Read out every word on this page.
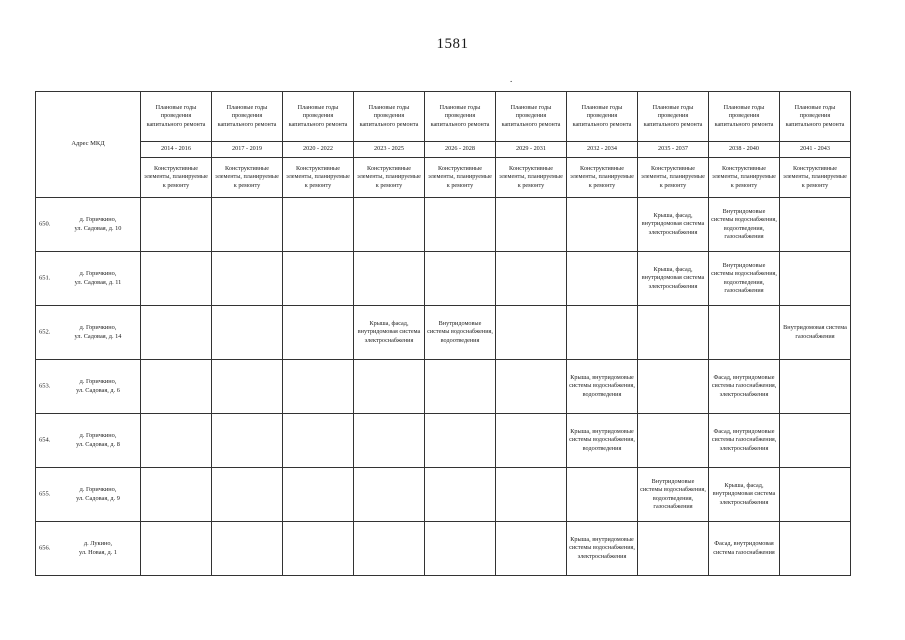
1581
.
Адрес МКД	Плановые годы проведения капитального ремонта	Плановые годы проведения капитального ремонта	Плановые годы проведения капитального ремонта	Плановые годы проведения капитального ремонта	Плановые годы проведения капитального ремонта	Плановые годы проведения капитального ремонта	Плановые годы проведения капитального ремонта	Плановые годы проведения капитального ремонта	Плановые годы проведения капитального ремонта	Плановые годы проведения капитального ремонта
	2014 - 2016	2017 - 2019	2020 - 2022	2023 - 2025	2026 - 2028	2029 - 2031	2032 - 2034	2035 - 2037	2038 - 2040	2041 - 2043
	Конструктивные элементы, планируемые к ремонту	Конструктивные элементы, планируемые к ремонту	Конструктивные элементы, планируемые к ремонту	Конструктивные элементы, планируемые к ремонту	Конструктивные элементы, планируемые к ремонту	Конструктивные элементы, планируемые к ремонту	Конструктивные элементы, планируемые к ремонту	Конструктивные элементы, планируемые к ремонту	Конструктивные элементы, планируемые к ремонту	Конструктивные элементы, планируемые к ремонту

650.
д. Горичкино,
ул. Садовая, д. 10								Крыша, фасад, внутридомовая система электроснабжения	Внутридомовые системы водоснабжения, водоотведения, газоснабжения	

651.
д. Горичкино,
ул. Садовая, д. 11								Крыша, фасад, внутридомовая система электроснабжения	Внутридомовые системы водоснабжения, водоотведения, газоснабжения	

652.
д. Горичкино,
ул. Садовая, д. 14				Крыша, фасад, внутридомовая система электроснабжения	Внутридомовые системы водоснабжения, водоотведения					Внутридомовая система газоснабжения

653.
д. Горичкино,
ул. Садовая, д. 6							Крыша, внутридомовые системы водоснабжения, водоотведения		Фасад, внутридомовые системы газоснабжения, электроснабжения	

654.
д. Горичкино,
ул. Садовая, д. 8							Крыша, внутридомовые системы водоснабжения, водоотведения		Фасад, внутридомовые системы газоснабжения, электроснабжения	

655.
д. Горичкино,
ул. Садовая, д. 9								Внутридомовые системы водоснабжения, водоотведения, газоснабжения	Крыша, фасад, внутридомовая система электроснабжения	

656.
д. Лукино,
ул. Новая, д. 1							Крыша, внутридомовые системы водоснабжения, электроснабжения		Фасад, внутридомовая система газоснабжения	
